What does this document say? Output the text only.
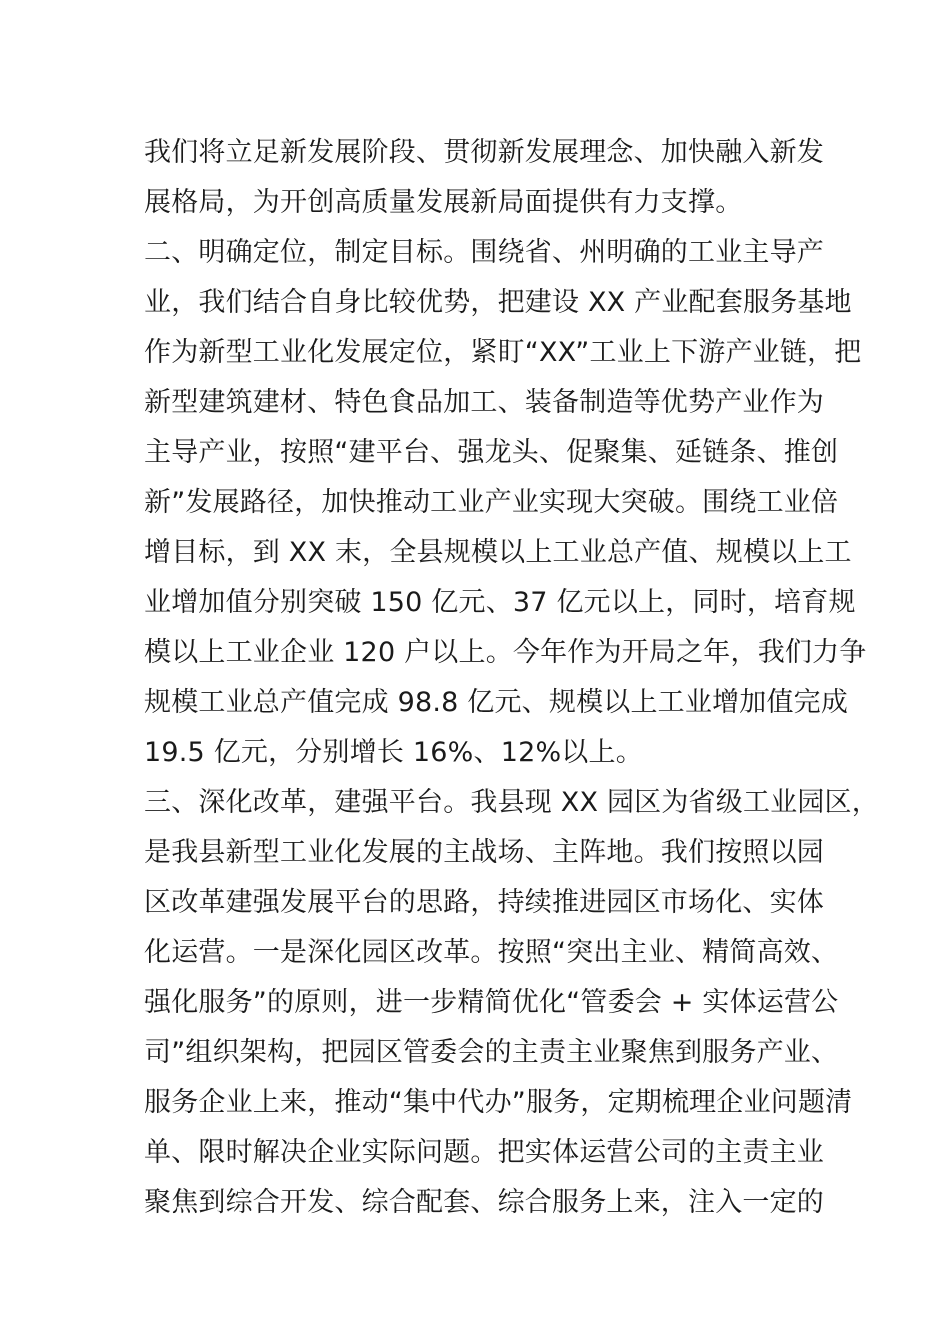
我们将立足新发展阶段、贯彻新发展理念、加快融入新发
展格局，为开创高质量发展新局面提供有力支撑。
二、明确定位，制定目标。围绕省、州明确的工业主导产
业，我们结合自身比较优势，把建设 XX 产业配套服务基地
作为新型工业化发展定位，紧盯“XX”工业上下游产业链，把
新型建筑建材、特色食品加工、装备制造等优势产业作为
主导产业，按照“建平台、强龙头、促聚集、延链条、推创
新”发展路径，加快推动工业产业实现大突破。围绕工业倍
增目标，到 XX 末，全县规模以上工业总产值、规模以上工
业增加值分别突破 150 亿元、37 亿元以上，同时，培育规
模以上工业企业 120 户以上。今年作为开局之年，我们力争
规模工业总产值完成 98.8 亿元、规模以上工业增加值完成
19.5 亿元，分别增长 16%、12%以上。
三、深化改革，建强平台。我县现 XX 园区为省级工业园区，
是我县新型工业化发展的主战场、主阵地。我们按照以园
区改革建强发展平台的思路，持续推进园区市场化、实体
化运营。一是深化园区改革。按照“突出主业、精简高效、
强化服务”的原则，进一步精简优化“管委会 + 实体运营公
司”组织架构，把园区管委会的主责主业聚焦到服务产业、
服务企业上来，推动“集中代办”服务，定期梳理企业问题清
单、限时解决企业实际问题。把实体运营公司的主责主业
聚焦到综合开发、综合配套、综合服务上来，注入一定的
